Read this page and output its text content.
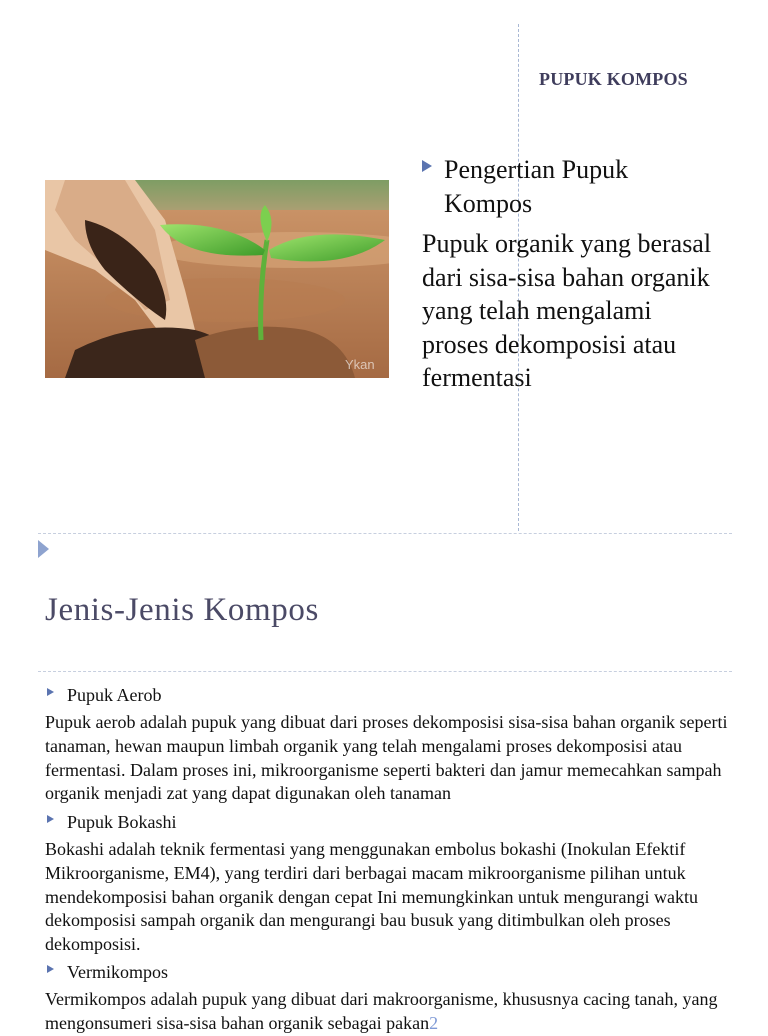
PUPUK KOMPOS
Ykan
Pengertian Pupuk Kompos
Pupuk organik yang berasal dari sisa-sisa bahan organik yang telah mengalami proses dekomposisi atau fermentasi
Jenis-Jenis Kompos
Pupuk Aerob
Pupuk aerob adalah pupuk yang dibuat dari proses dekomposisi sisa-sisa bahan organik seperti tanaman, hewan maupun limbah organik yang telah mengalami proses dekomposisi atau fermentasi. Dalam proses ini, mikroorganisme seperti bakteri dan jamur memecahkan sampah organik menjadi zat yang dapat digunakan oleh tanaman
Pupuk Bokashi
Bokashi adalah teknik fermentasi yang menggunakan embolus bokashi (Inokulan Efektif Mikroorganisme, EM4), yang terdiri dari berbagai macam mikroorganisme pilihan untuk mendekomposisi bahan organik dengan cepat Ini memungkinkan untuk mengurangi waktu dekomposisi sampah organik dan mengurangi bau busuk yang ditimbulkan oleh proses dekomposisi.
Vermikompos
Vermikompos adalah pupuk yang dibuat dari makroorganisme, khususnya cacing tanah, yang mengonsumeri sisa-sisa bahan organik sebagai pakan2
